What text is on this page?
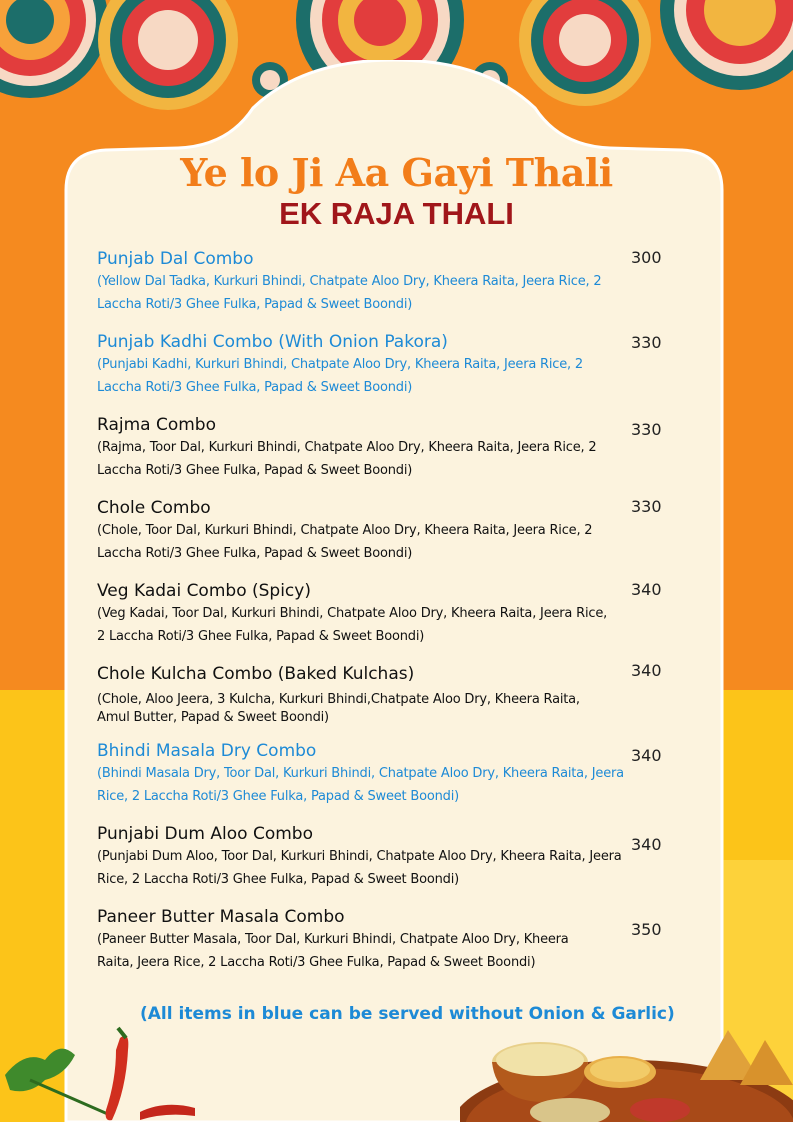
Ye lo Ji Aa Gayi Thali
EK RAJA THALI
Punjab Dal Combo
(Yellow Dal Tadka, Kurkuri Bhindi, Chatpate Aloo Dry, Kheera Raita, Jeera Rice, 2 Laccha Roti/3 Ghee Fulka, Papad & Sweet Boondi)
300
Punjab Kadhi Combo (With Onion Pakora)
(Punjabi Kadhi, Kurkuri Bhindi, Chatpate Aloo Dry, Kheera Raita, Jeera Rice, 2 Laccha Roti/3 Ghee Fulka, Papad & Sweet Boondi)
330
Rajma Combo
(Rajma, Toor Dal, Kurkuri Bhindi, Chatpate Aloo Dry, Kheera Raita, Jeera Rice, 2 Laccha Roti/3 Ghee Fulka, Papad & Sweet Boondi)
330
Chole Combo
(Chole, Toor Dal, Kurkuri Bhindi, Chatpate Aloo Dry, Kheera Raita, Jeera Rice, 2 Laccha Roti/3 Ghee Fulka, Papad & Sweet Boondi)
330
Veg Kadai Combo (Spicy)
(Veg Kadai, Toor Dal, Kurkuri Bhindi, Chatpate Aloo Dry, Kheera Raita, Jeera Rice, 2 Laccha Roti/3 Ghee Fulka, Papad & Sweet Boondi)
340
Chole Kulcha Combo (Baked Kulchas)
(Chole, Aloo Jeera, 3 Kulcha, Kurkuri Bhindi,Chatpate Aloo Dry, Kheera Raita, Amul Butter, Papad & Sweet Boondi)
340
Bhindi Masala Dry Combo
(Bhindi Masala Dry, Toor Dal, Kurkuri Bhindi, Chatpate Aloo Dry, Kheera Raita, Jeera Rice, 2 Laccha Roti/3 Ghee Fulka, Papad & Sweet Boondi)
340
Punjabi Dum Aloo Combo
(Punjabi Dum Aloo, Toor Dal, Kurkuri Bhindi, Chatpate Aloo Dry, Kheera Raita, Jeera Rice, 2 Laccha Roti/3 Ghee Fulka, Papad & Sweet Boondi)
340
Paneer Butter Masala Combo
(Paneer Butter Masala, Toor Dal, Kurkuri Bhindi, Chatpate Aloo Dry, Kheera Raita, Jeera Rice, 2 Laccha Roti/3 Ghee Fulka, Papad & Sweet Boondi)
350
(All items in blue can be served without Onion & Garlic)
